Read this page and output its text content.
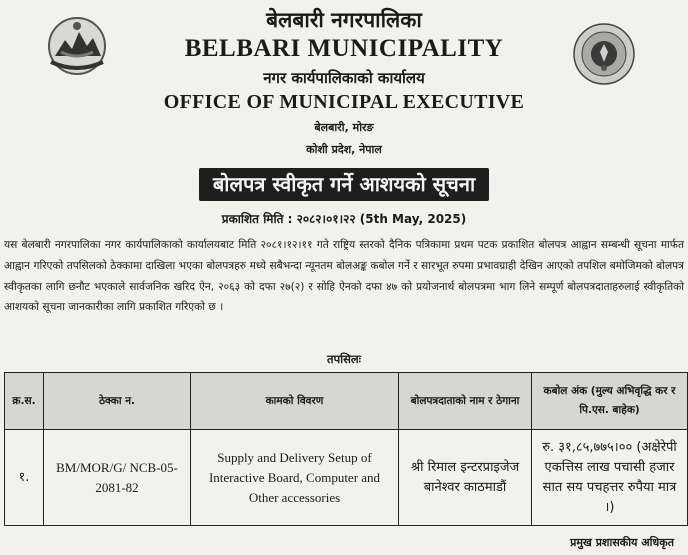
बेलबारी नगरपालिका
BELBARI MUNICIPALITY
नगर कार्यपालिकाको कार्यालय
OFFICE OF MUNICIPAL EXECUTIVE
बेलबारी, मोरङ
कोशी प्रदेश, नेपाल
बोलपत्र स्वीकृत गर्ने आशयको सूचना
प्रकाशित मिति : २०८२।०१।२२ (5th May, 2025)
यस बेलबारी नगरपालिका नगर कार्यपालिकाको कार्यालयबाट मिति २०८१।१२।११ गते राष्ट्रिय स्तरको दैनिक पत्रिकामा प्रथम पटक प्रकाशित बोलपत्र आह्वान सम्बन्धी सूचना मार्फत आह्वान गरिएको तपसिलको ठेक्कामा दाखिला भएका बोलपत्रहरु मध्ये सबैभन्दा न्यूनतम बोलअङ्क कबोल गर्ने र सारभूत रुपमा प्रभावग्राही देखिन आएको तपशिल बमोजिमको बोलपत्र स्वीकृतका लागि छनौट भएकाले सार्वजनिक खरिद ऐन, २०६३ को दफा २७(२) र सोहि ऐनको दफा ४७ को प्रयोजनार्थ बोलपत्रमा भाग लिने सम्पूर्ण बोलपत्रदाताहरुलाई स्वीकृतिको आशयको सूचना जानकारीका लागि प्रकाशित गरिएको छ ।
तपसिलः
क्र.स.	ठेक्का न.	कामको विवरण	बोलपत्रदाताको नाम र ठेगाना	कबोल अंक (मुल्य अभिवृद्धि कर र पि.एस. बाहेक)
१.	BM/MOR/G/ NCB-05-2081-82	Supply and Delivery Setup of Interactive Board, Computer and Other accessories	श्री रिमाल इन्टरप्राइजेज बानेश्वर काठमाडौं	रु. ३१,८५,७७५।०० (अक्षेरेपी एकत्तिस लाख पचासी हजार सात सय पचहत्तर रुपैया मात्र ।)
प्रमुख प्रशासकीय अधिकृत
